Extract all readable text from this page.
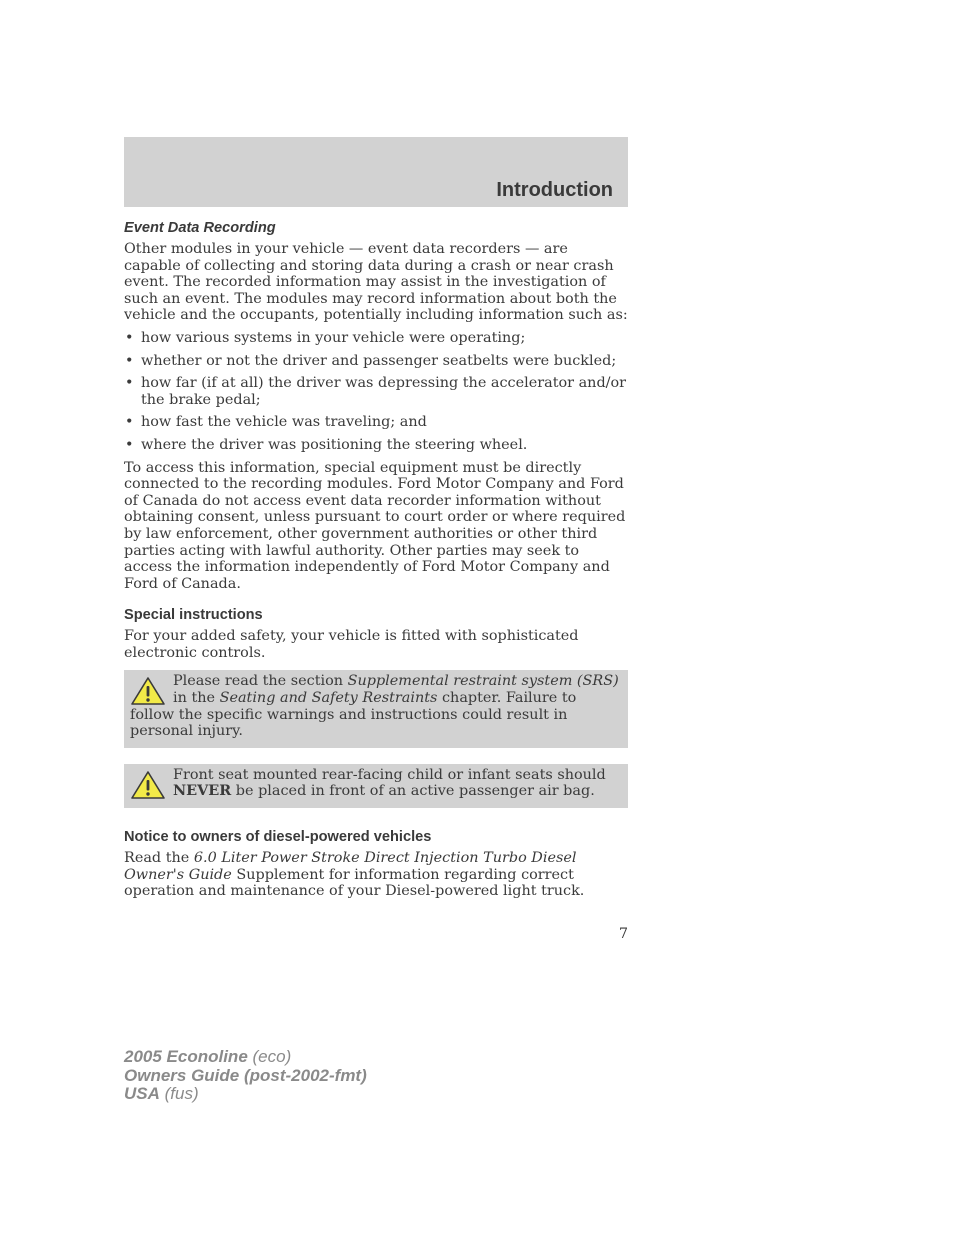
Introduction
Event Data Recording

Other modules in your vehicle — event data recorders — are capable of collecting and storing data during a crash or near crash event. The recorded information may assist in the investigation of such an event. The modules may record information about both the vehicle and the occupants, potentially including information such as:

• how various systems in your vehicle were operating;
• whether or not the driver and passenger seatbelts were buckled;
• how far (if at all) the driver was depressing the accelerator and/or the brake pedal;
• how fast the vehicle was traveling; and
• where the driver was positioning the steering wheel.

To access this information, special equipment must be directly connected to the recording modules. Ford Motor Company and Ford of Canada do not access event data recorder information without obtaining consent, unless pursuant to court order or where required by law enforcement, other government authorities or other third parties acting with lawful authority. Other parties may seek to access the information independently of Ford Motor Company and Ford of Canada.

Special instructions

For your added safety, your vehicle is fitted with sophisticated electronic controls.

Please read the section Supplemental restraint system (SRS) in the Seating and Safety Restraints chapter. Failure to follow the specific warnings and instructions could result in personal injury.

Front seat mounted rear-facing child or infant seats should NEVER be placed in front of an active passenger air bag.

Notice to owners of diesel-powered vehicles

Read the 6.0 Liter Power Stroke Direct Injection Turbo Diesel Owner's Guide Supplement for information regarding correct operation and maintenance of your Diesel-powered light truck.

7
2005 Econoline (eco)
Owners Guide (post-2002-fmt)
USA (fus)
